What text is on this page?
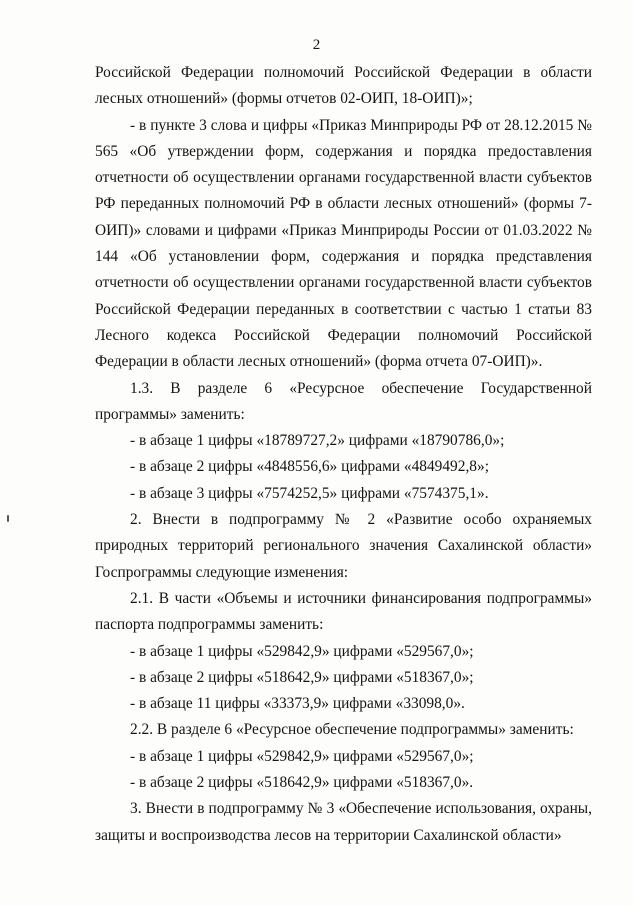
2

Российской Федерации полномочий Российской Федерации в области лесных отношений» (формы отчетов 02-ОИП, 18-ОИП)»;

- в пункте 3 слова и цифры «Приказ Минприроды РФ от 28.12.2015 № 565 «Об утверждении форм, содержания и порядка предоставления отчетности об осуществлении органами государственной власти субъектов РФ переданных полномочий РФ в области лесных отношений» (формы 7-ОИП)» словами и цифрами «Приказ Минприроды России от 01.03.2022 № 144 «Об установлении форм, содержания и порядка представления отчетности об осуществлении органами государственной власти субъектов Российской Федерации переданных в соответствии с частью 1 статьи 83 Лесного кодекса Российской Федерации полномочий Российской Федерации в области лесных отношений» (форма отчета 07-ОИП)».

1.3. В разделе 6 «Ресурсное обеспечение Государственной программы» заменить:

- в абзаце 1 цифры «18789727,2» цифрами «18790786,0»;

- в абзаце 2 цифры «4848556,6» цифрами «4849492,8»;

- в абзаце 3 цифры «7574252,5» цифрами «7574375,1».

2. Внести в подпрограмму № 2 «Развитие особо охраняемых природных территорий регионального значения Сахалинской области» Госпрограммы следующие изменения:

2.1. В части «Объемы и источники финансирования подпрограммы» паспорта подпрограммы заменить:

- в абзаце 1 цифры «529842,9» цифрами «529567,0»;

- в абзаце 2 цифры «518642,9» цифрами «518367,0»;

- в абзаце 11 цифры «33373,9» цифрами «33098,0».

2.2. В разделе 6 «Ресурсное обеспечение подпрограммы» заменить:

- в абзаце 1 цифры «529842,9» цифрами «529567,0»;

- в абзаце 2 цифры «518642,9» цифрами «518367,0».

3. Внести в подпрограмму № 3 «Обеспечение использования, охраны, защиты и воспроизводства лесов на территории Сахалинской области»
